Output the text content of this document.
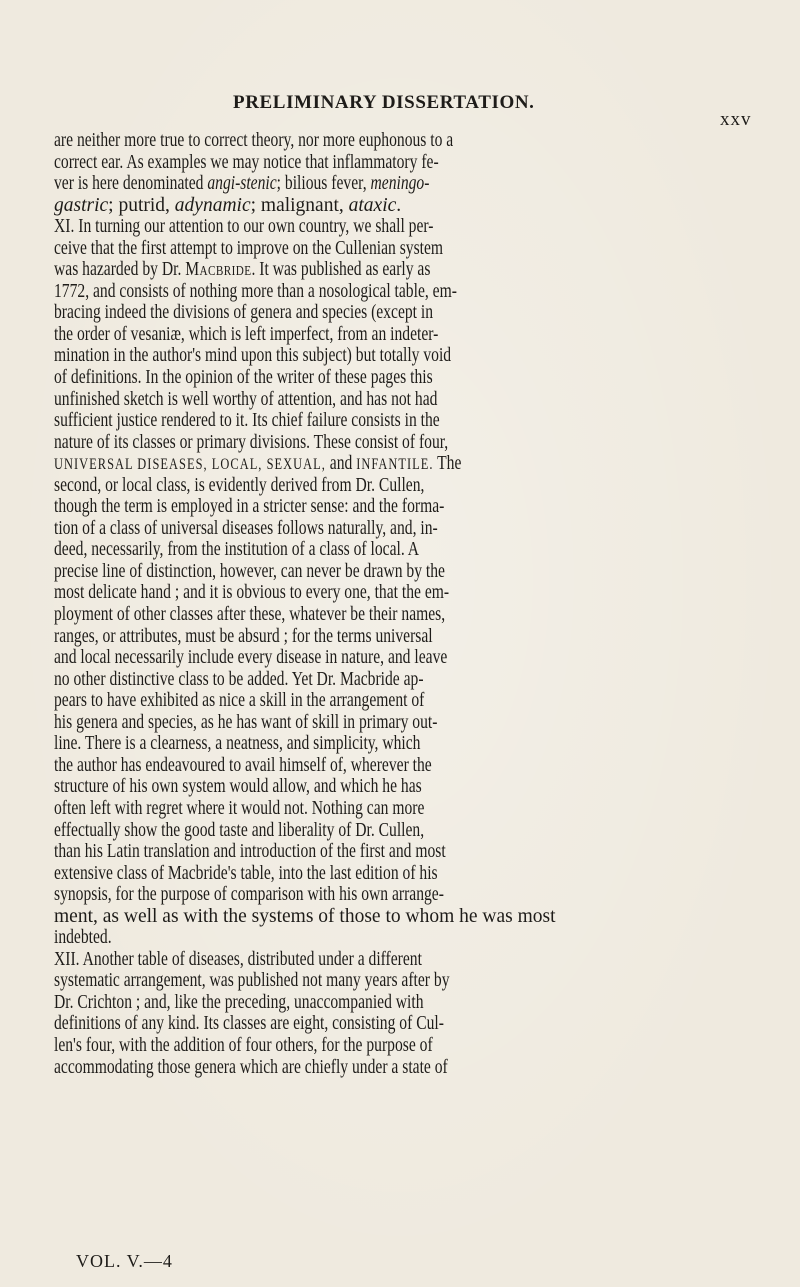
PRELIMINARY DISSERTATION.
xxv
are neither more true to correct theory, nor more euphonous to a
correct ear. As examples we may notice that inflammatory fe-
ver is here denominated angi-stenic; bilious fever, meningo-
gastric; putrid, adynamic; malignant, ataxic.
XI. In turning our attention to our own country, we shall per-
ceive that the first attempt to improve on the Cullenian system
was hazarded by Dr. Macbride. It was published as early as
1772, and consists of nothing more than a nosological table, em-
bracing indeed the divisions of genera and species (except in
the order of vesaniæ, which is left imperfect, from an indeter-
mination in the author's mind upon this subject) but totally void
of definitions. In the opinion of the writer of these pages this
unfinished sketch is well worthy of attention, and has not had
sufficient justice rendered to it. Its chief failure consists in the
nature of its classes or primary divisions. These consist of four,
UNIVERSAL DISEASES, LOCAL, SEXUAL, and INFANTILE. The
second, or local class, is evidently derived from Dr. Cullen,
though the term is employed in a stricter sense: and the forma-
tion of a class of universal diseases follows naturally, and, in-
deed, necessarily, from the institution of a class of local. A
precise line of distinction, however, can never be drawn by the
most delicate hand ; and it is obvious to every one, that the em-
ployment of other classes after these, whatever be their names,
ranges, or attributes, must be absurd ; for the terms universal
and local necessarily include every disease in nature, and leave
no other distinctive class to be added. Yet Dr. Macbride ap-
pears to have exhibited as nice a skill in the arrangement of
his genera and species, as he has want of skill in primary out-
line. There is a clearness, a neatness, and simplicity, which
the author has endeavoured to avail himself of, wherever the
structure of his own system would allow, and which he has
often left with regret where it would not. Nothing can more
effectually show the good taste and liberality of Dr. Cullen,
than his Latin translation and introduction of the first and most
extensive class of Macbride's table, into the last edition of his
synopsis, for the purpose of comparison with his own arrange-
ment, as well as with the systems of those to whom he was most
indebted.
XII. Another table of diseases, distributed under a different
systematic arrangement, was published not many years after by
Dr. Crichton ; and, like the preceding, unaccompanied with
definitions of any kind. Its classes are eight, consisting of Cul-
len's four, with the addition of four others, for the purpose of
accommodating those genera which are chiefly under a state of
VOL. V.—4
